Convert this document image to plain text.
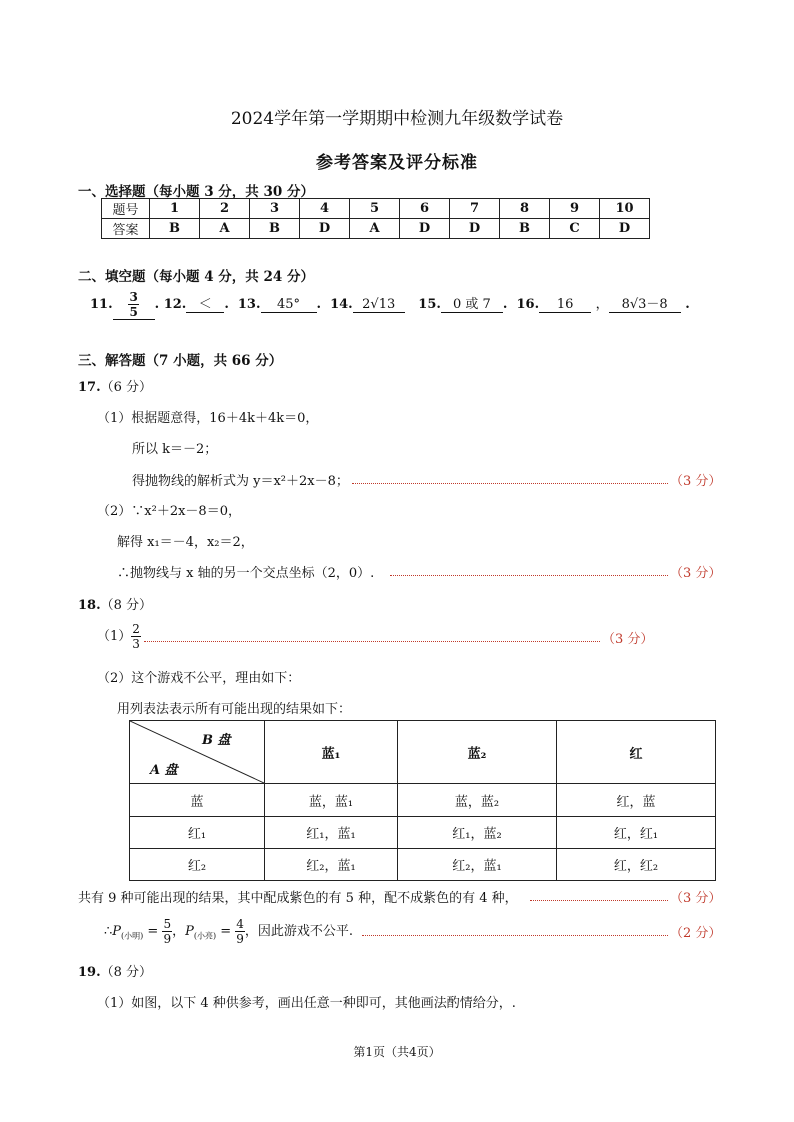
2024学年第一学期期中检测九年级数学试卷
参考答案及评分标准
一、选择题（每小题 3 分，共 30 分）
题号	1	2	3	4	5	6	7	8	9	10
答案	B	A	B	D	A	D	D	B	C	D
二、填空题（每小题 4 分，共 24 分）
11. $\frac{3}{5}$ . 12. ＜ .  13. 45° .  14. 2√13 15. 0 或 7 .  16. 16 ， 8√3－8 .
三、解答题（7 小题，共 66 分）
17.（6 分）
（1）根据题意得，16＋4k＋4k＝0，
所以 k＝－2；
得抛物线的解析式为 y＝x²＋2x－8；	（3 分）
（2）∵x²＋2x－8＝0，
解得 x₁＝－4，x₂＝2，
∴抛物线与 x 轴的另一个交点坐标（2，0）.	（3 分）
18.（8 分）
$(1) \frac{2}{3}$	（3 分）
（2）这个游戏不公平，理由如下：
用列表法表示所有可能出现的结果如下：
B 盘
A 盘	蓝₁	蓝₂	红
蓝	蓝，蓝₁	蓝，蓝₂	红，蓝
红₁	红₁，蓝₁	红₁，蓝₂	红，红₁
红₂	红₂，蓝₁	红₂，蓝₁	红，红₂
共有 9 种可能出现的结果，其中配成紫色的有 5 种，配不成紫色的有 4 种，	（3 分）
$\therefore P_{(小明)} = \frac{5}{9}$ ，$P_{(小亮)} = \frac{4}{9}$ ，因此游戏不公平.	（2 分）
19.（8 分）
（1）如图，以下 4 种供参考，画出任意一种即可，其他画法酌情给分，.
第1页（共4页）
